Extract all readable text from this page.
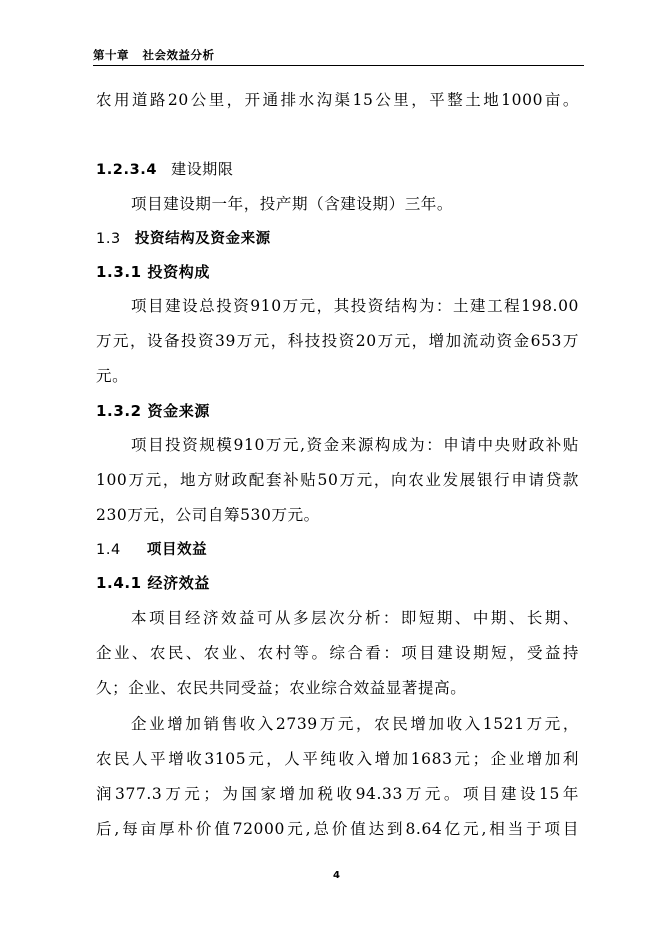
第十章 社会效益分析
农用道路20公里，开通排水沟渠15公里，平整土地1000亩。
1.2.3.4 建设期限
项目建设期一年，投产期（含建设期）三年。
1.3 投资结构及资金来源
1.3.1 投资构成
项目建设总投资910万元，其投资结构为：土建工程198.00
万元，设备投资39万元，科技投资20万元，增加流动资金653万
元。
1.3.2 资金来源
项目投资规模910万元,资金来源构成为：申请中央财政补贴
100万元，地方财政配套补贴50万元，向农业发展银行申请贷款
230万元，公司自筹530万元。
1.4 项目效益
1.4.1 经济效益
本项目经济效益可从多层次分析：即短期、中期、长期、
企业、农民、农业、农村等。综合看：项目建设期短，受益持
久；企业、农民共同受益；农业综合效益显著提高。
企业增加销售收入2739万元，农民增加收入1521万元，
农民人平增收3105元，人平纯收入增加1683元；企业增加利
润377.3万元；为国家增加税收94.33万元。项目建设15年
后,每亩厚朴价值72000元,总价值达到8.64亿元,相当于项目
4
